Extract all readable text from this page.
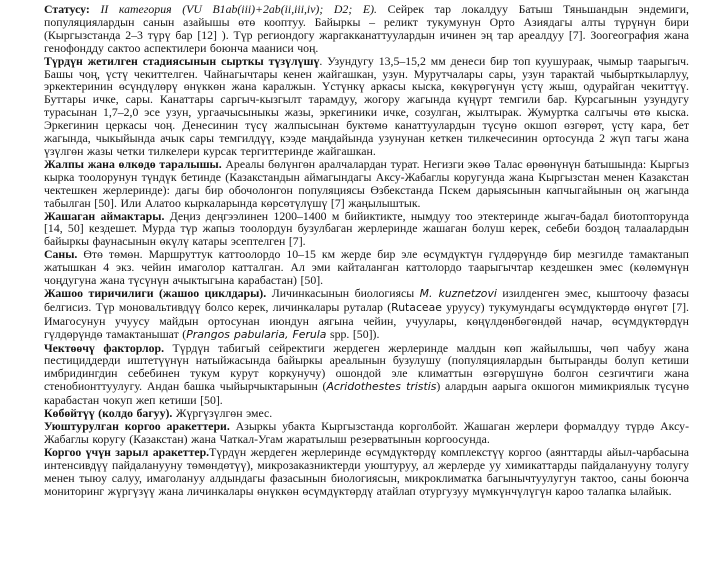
Статусу: II категория (VU B1ab(iii)+2ab(ii,iii,iv); D2; E). Сейрек тар локалдуу Батыш Тяньшандын эндемиги, популяциялардын санын азайышы өтө кооптуу. Байыркы – реликт тукумунун Орто Азиядагы алты түрүнүн бири (Кыргызстанда 2–3 түрү бар [12] ). Түр региондогу жаргакканаттуулардын ичинен эң тар ареалдуу [7]. Зоогеография жана генофондду сактоо аспектилери боюнча мааниси чоң.

Түрдүн жетилген стадиясынын сырткы түзүлүшү. Узундугу 13,5–15,2 мм денеси бир топ куушураак, чымыр таарыгыч. Башы чоң, үстү чекиттелген. Чайнагычтары кенен жайгашкан, узун. Мурутчалары сары, узун тарактай чыбырткыларлуу, эркектеринин өсүндүлөрү өнүккөн жана каралжын. Үстүнкү аркасы кыска, көкүрөгүнүн үстү жыш, одурайган чекиттүү. Буттары ичке, сары. Канаттары саргыч-кызгылт тарамдуу, жогору жагында күңүрт темгили бар. Курсагынын узундугу турасынан 1,7–2,0 эсе узун, ургаачысыныкы жазы, эркегиники ичке, созулган, жылтырак. Жумуртка салгычы өтө кыска. Эркегинин церкасы чоң. Денесинин түсү жалпысынан буктөмө канаттуулардын түсүнө окшоп өзгөрөт, үстү кара, бет жагында, чыкыйында ачык сары темгилдүү, кээде маңдайында узунунан кеткен тилкечесинин ортосунда 2 жүп тагы жана үзүлгөн жазы четки тилкелери курсак тергиттеринде жайгашкан.

Жалпы жана өлкөдө таралышы. Ареалы бөлүнгөн аралчалардан турат. Негизги экөө Талас өрөөнүнүн батышында: Кыргыз кырка тоолорунун түндүк бетинде (Казакстандын аймагындагы Аксу-Жабаглы коругунда жана Кыргызстан менен Казакстан чектешкен жерлеринде): дагы бир обочолонгон популяциясы Өзбекстанда Пскем дарыясынын капчыгайынын оң жагында табылган [50]. Или Алатоо кыркаларында көрсөтүлүшү [7] жаңылыштык.

Жашаган аймактары. Деңиз деңгээлинен 1200–1400 м бийиктикте, нымдуу тоо этектеринде жыгач-бадал биотопторунда [14, 50] кездешет. Мурда түр жапыз тоолордун бузулбаган жерлеринде жашаган болуш керек, себеби боздоң талаалардын байыркы фаунасынын өкүлү катары эсептелген [7].

Саны. Өтө төмөн. Маршруттук каттоолордо 10–15 км жерде бир эле өсүмдүктүн гүлдөрүндө бир мезгилде тамактанып жатышкан 4 экз. чейин имаголор катталган. Ал эми кайталанган каттолордо таарыгычтар кездешкен эмес (көлөмүнүн чоңдугуна жана түсүнүн ачыктыгына карабастан) [50].

Жашоо тиричилиги (жашоо циклдары). Личинкасынын биологиясы M. kuznetzovi изилденген эмес, кыштоочу фазасы белгисиз. Түр моновальтивдүү болсо керек, личинкалары руталар (Rutaceae уруусу) тукумундагы өсүмдүктөрдө өнүгөт [7]. Имагосунун учуусу майдын ортосунан июндун аягына чейин, учуулары, көңүлдөнбөгөндөй начар, өсүмдүктөрдүн гүлдөрүндө тамактанышат (Prangos pabularia, Ferula spp. [50]).

Чектөөчү факторлор. Түрдүн табигый сейректиги жердеген жерлеринде малдын көп жайылышы, чөп чабуу жана пестициддерди иштетүүнүн натыйжасында байыркы ареалынын бузулушу (популяциялардын бытыранды болуп кетиши имбридингдин себебинен тукум курут коркунучу) ошондой эле климаттын өзгөрүшүнө болгон сезгичтиги жана стенобионттуулугу. Андан башка чыйырчыктарынын (Acridothestes tristis) алардын аарыга окшогон мимикриялык түсүнө карабастан чокуп жеп кетиши [50].

Көбөйтүү (колдо багуу). Жүргүзүлгөн эмес.

Уюштурулган коргоо аракеттери. Азыркы убакта Кыргызстанда корголбойт. Жашаган жерлери формалдуу түрдө Аксу-Жабаглы коругу (Казакстан) жана Чаткал-Угам жаратылыш резерватынын коргоосунда.

Коргоо үчүн зарыл аракеттер.Түрдүн жердеген жерлеринде өсүмдүктөрдү комплекстүү коргоо (аянттарды айыл-чарбасына интенсивдүү пайдаланууну төмөндөтүү), микрозаказниктерди уюштуруу, ал жерлерде уу химикаттарды пайдаланууну толугу менен тыюу салуу, имаголануу алдындагы фазасынын биологиясын, микроклиматка багынычтуулугун тактоо, саны боюнча мониторинг жүргүзүү жана личинкалары өнүккөн өсүмдүктөрдү атайлап отургузуу мүмкүнчүлүгүн кароо талапка ылайык.
